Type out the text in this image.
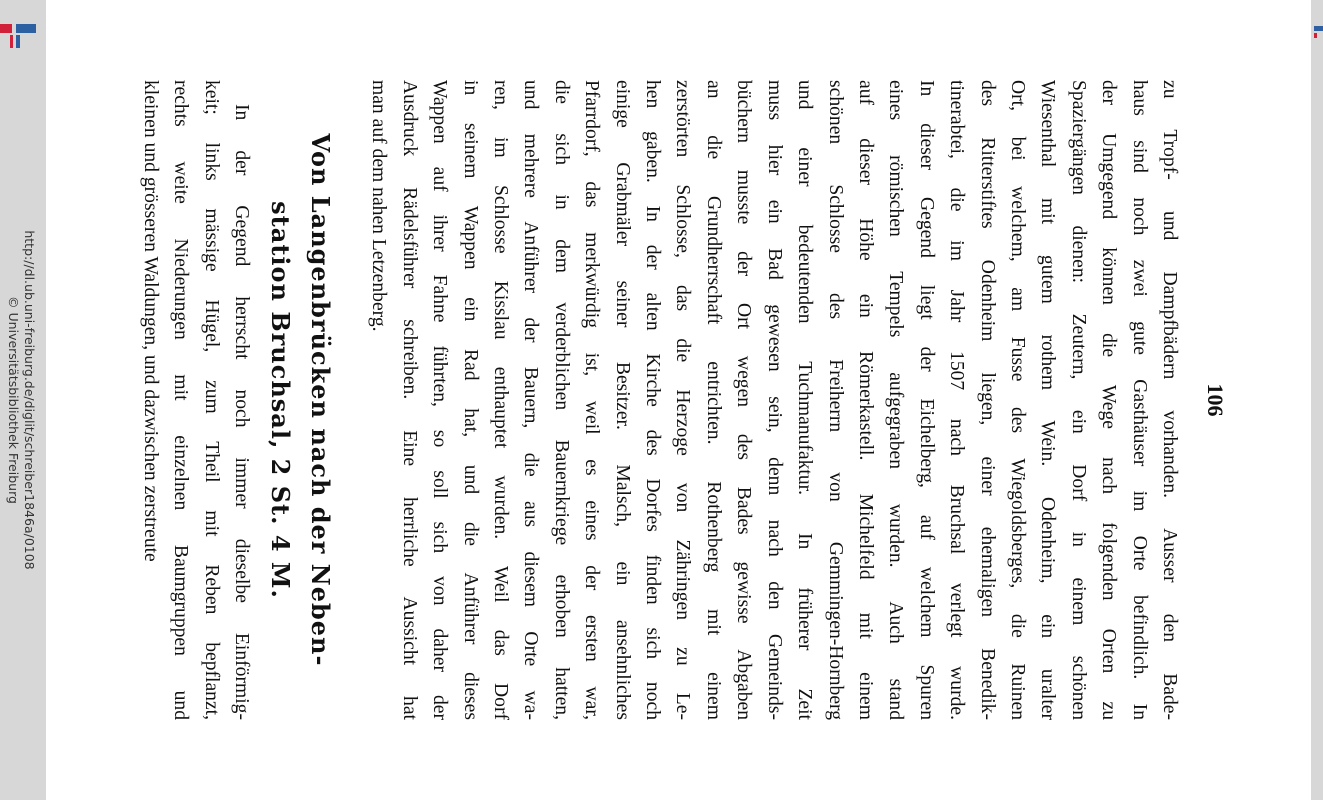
http://dl.ub.uni-freiburg.de/diglit/schreiber1846a/0108
© Universitätsbibliothek Freiburg	106
zu Tropf- und Dampfbädern vorhanden. Ausser den Bade-
haus sind noch zwei gute Gasthäuser im Orte befindlich. In
der Umgegend können die Wege nach folgenden Orten zu
Spaziergängen dienen: Zeutern, ein Dorf in einem schönen
Wiesenthal mit gutem rothem Wein. Odenheim, ein uralter
Ort, bei welchem, am Fusse des Wiegoldsberges, die Ruinen
des Ritterstiftes Odenheim liegen, einer ehemaligen Benedik-
tinerabtei, die im Jahr 1507 nach Bruchsal verlegt wurde.
In dieser Gegend liegt der Eichelberg, auf welchem Spuren
eines römischen Tempels aufgegraben wurden. Auch stand
auf dieser Höhe ein Römerkastell. Michelfeld mit einem
schönen Schlosse des Freiherrn von Gemmingen-Hornberg
und einer bedeutenden Tuchmanufaktur. In früherer Zeit
muss hier ein Bad gewesen sein, denn nach den Gemeinds-
büchern musste der Ort wegen des Bades gewisse Abgaben
an die Grundherrschaft entrichten. Rothenberg mit einem
zerstörten Schlosse, das die Herzoge von Zähringen zu Le-
hen gaben. In der alten Kirche des Dorfes finden sich noch
einige Grabmäler seiner Besitzer. Malsch, ein ansehnliches
Pfarrdorf, das merkwürdig ist, weil es eines der ersten war,
die sich in dem verderblichen Bauernkriege erhoben hatten,
und mehrere Anführer der Bauern, die aus diesem Orte wa-
ren, im Schlosse Kisslau enthauptet wurden. Weil das Dorf
in seinem Wappen ein Rad hat, und die Anführer dieses
Wappen auf ihrer Fahne führten, so soll sich von daher der
Ausdruck Rädelsführer schreiben. Eine herrliche Aussicht hat
man auf dem nahen Letzenberg.
Von Langenbrücken nach der Neben-
station Bruchsal, 2 St. 4 M.
In der Gegend herrscht noch immer dieselbe Einförmig-
keit; links mässige Hügel, zum Theil mit Reben bepflanzt,
rechts weite Niederungen mit einzelnen Baumgruppen und
kleinen und grösseren Waldungen, und dazwischen zerstreute
